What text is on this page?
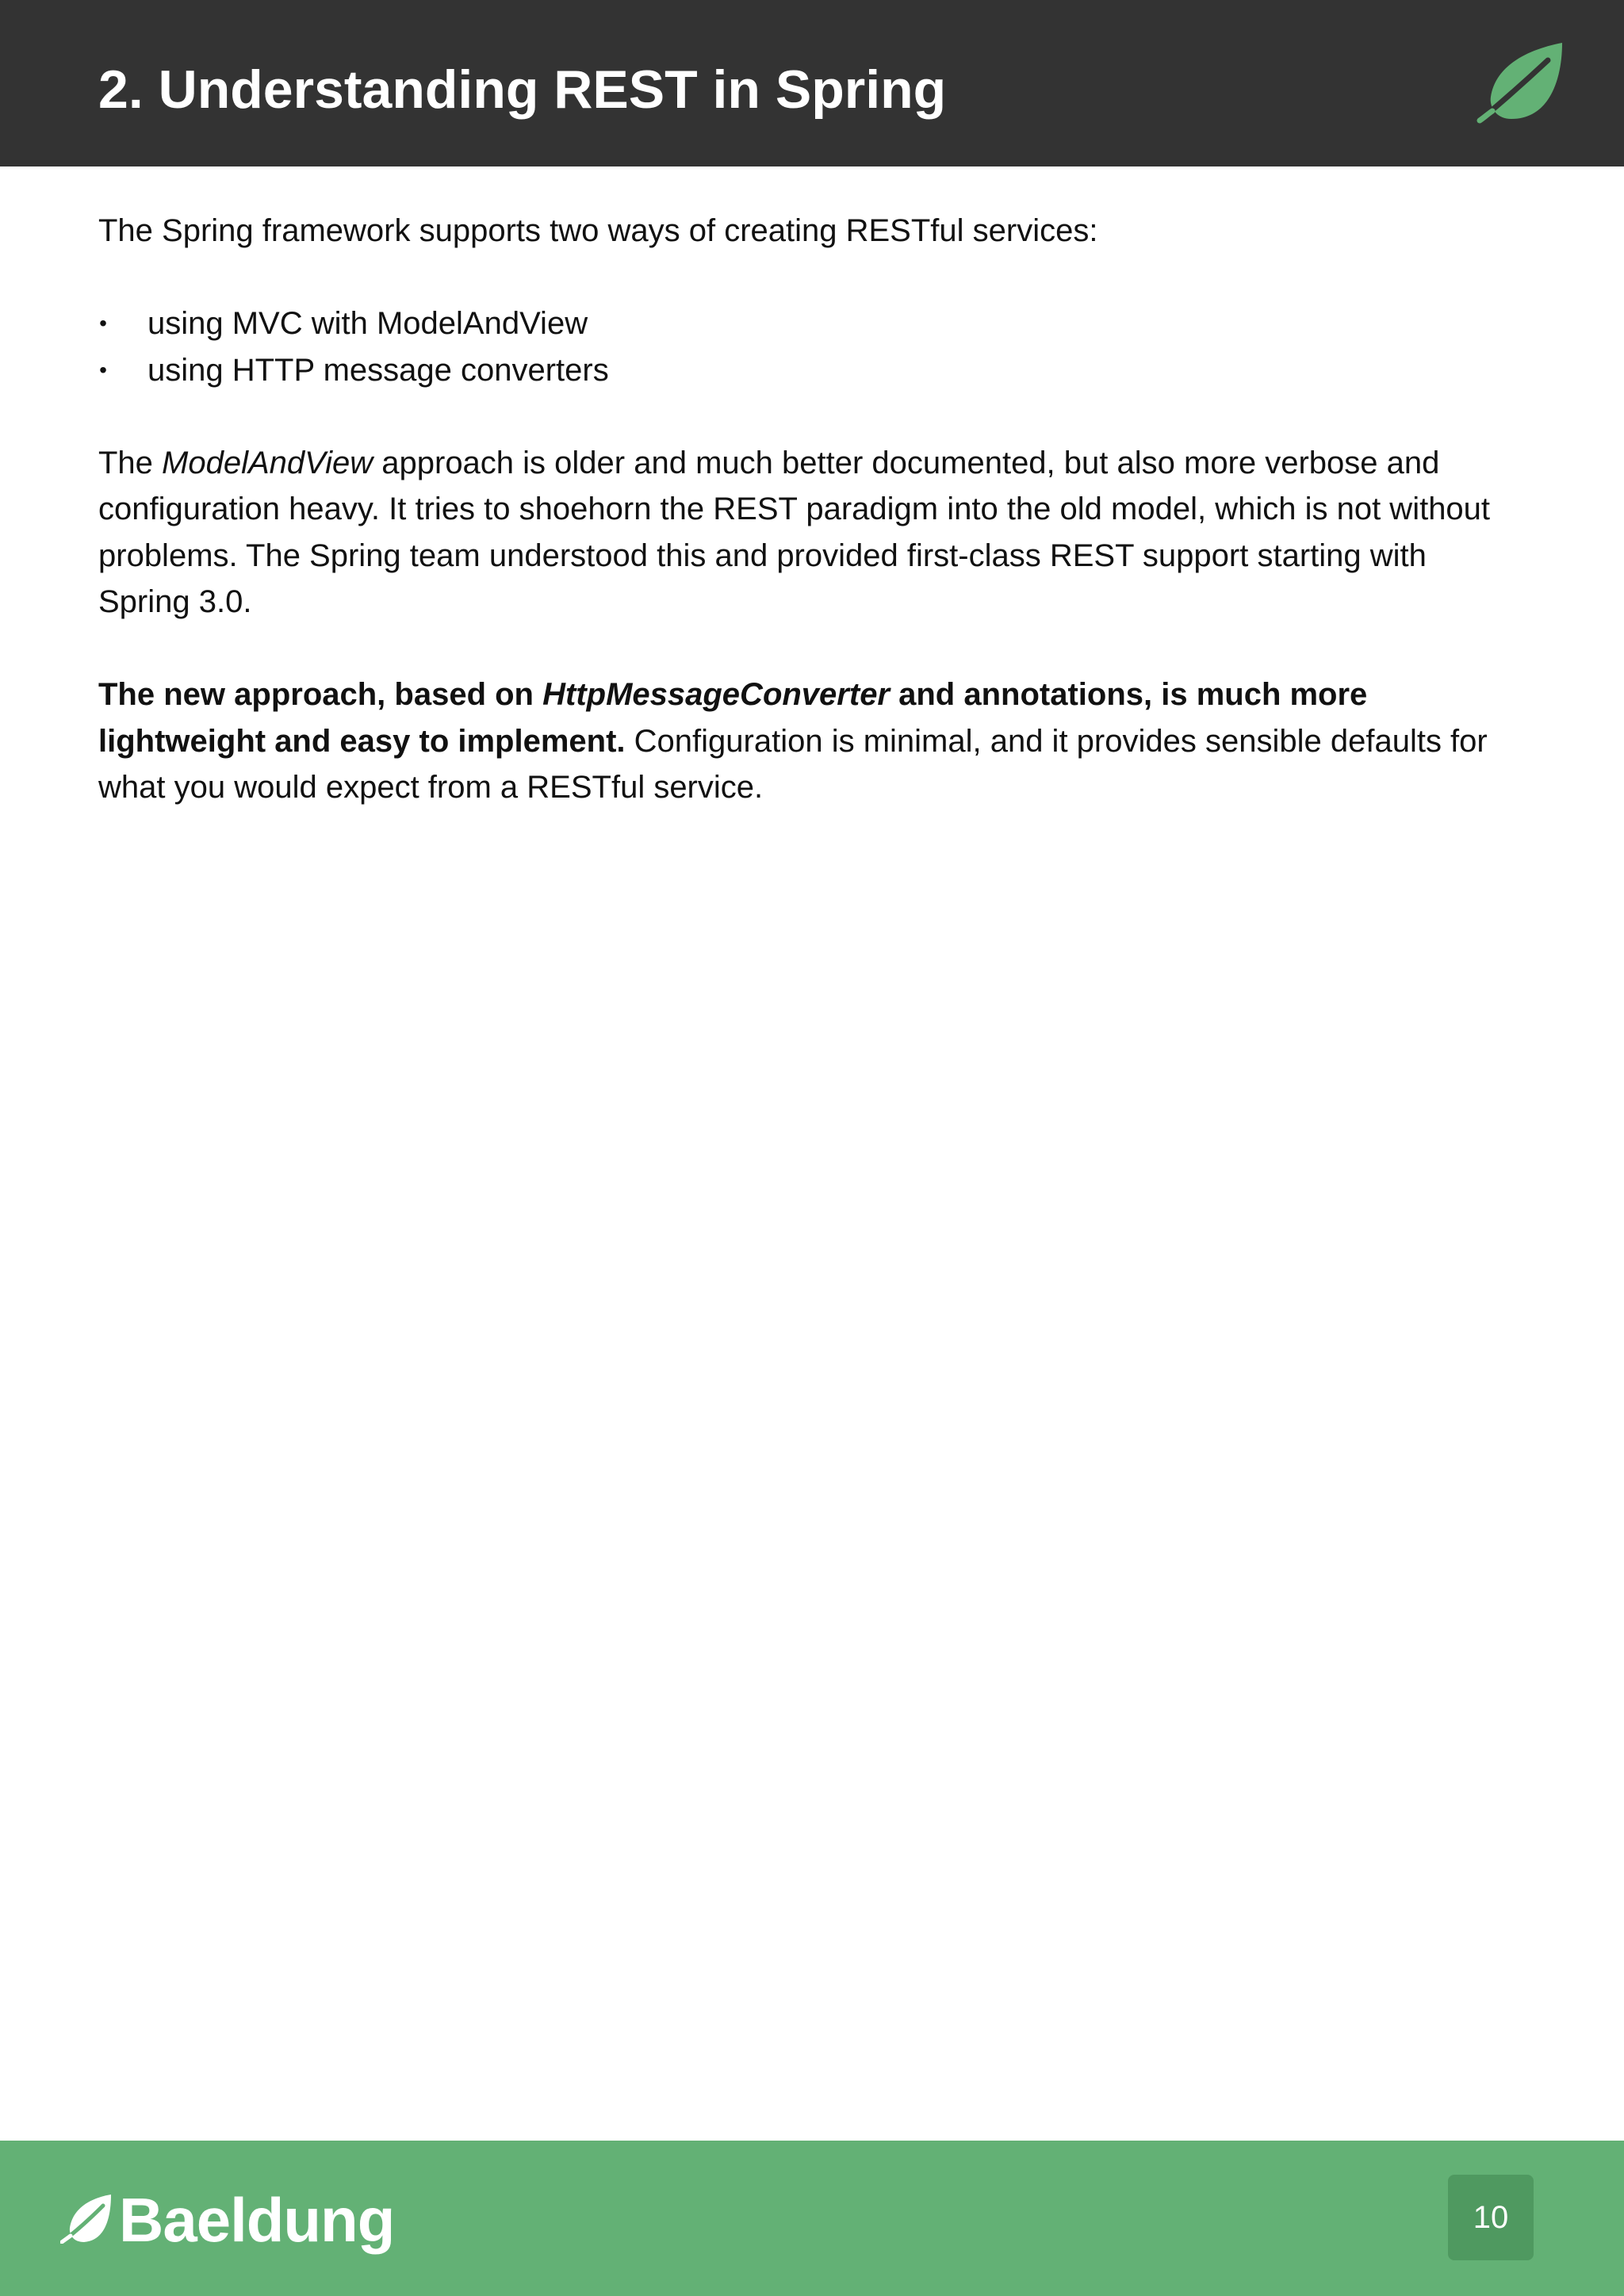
2. Understanding REST in Spring

The Spring framework supports two ways of creating RESTful services:

• using MVC with ModelAndView
• using HTTP message converters

The ModelAndView approach is older and much better documented, but also more verbose and configuration heavy. It tries to shoehorn the REST paradigm into the old model, which is not without problems. The Spring team understood this and provided first-class REST support starting with Spring 3.0.

The new approach, based on HttpMessageConverter and annotations, is much more lightweight and easy to implement. Configuration is minimal, and it provides sensible defaults for what you would expect from a RESTful service.

Baeldung	10
